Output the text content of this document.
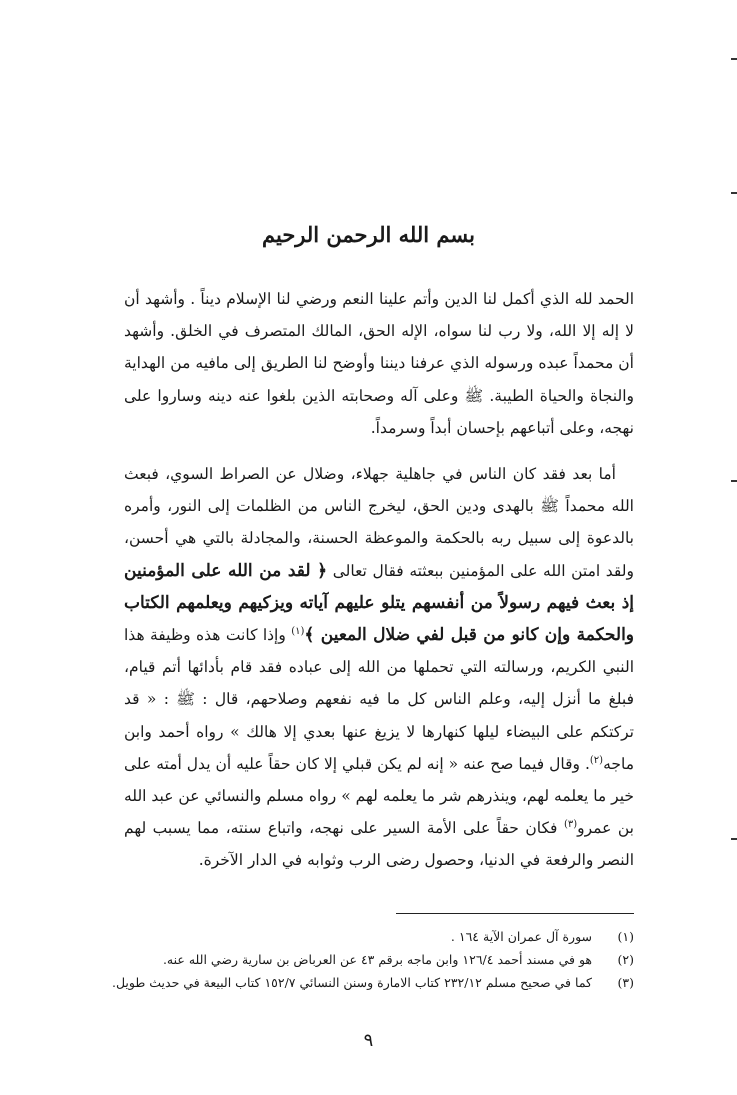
بسم الله الرحمن الرحيم
الحمد لله الذي أكمل لنا الدين وأتم علينا النعم ورضي لنا الإسلام ديناً . وأشهد أن لا إله إلا الله، ولا رب لنا سواه، الإله الحق، المالك المتصرف في الخلق. وأشهد أن محمداً عبده ورسوله الذي عرفنا ديننا وأوضح لنا الطريق إلى مافيه من الهداية والنجاة والحياة الطيبة. ﷺ وعلى آله وصحابته الذين بلغوا عنه دينه وساروا على نهجه، وعلى أتباعهم بإحسان أبداً وسرمداً.
أما بعد فقد كان الناس في جاهلية جهلاء، وضلال عن الصراط السوي، فبعث الله محمداً ﷺ بالهدى ودين الحق، ليخرج الناس من الظلمات إلى النور، وأمره بالدعوة إلى سبيل ربه بالحكمة والموعظة الحسنة، والمجادلة بالتي هي أحسن، ولقد امتن الله على المؤمنين ببعثته فقال تعالى ﴿ لقد من الله على المؤمنين إذ بعث فيهم رسولاً من أنفسهم يتلو عليهم آياته ويزكيهم ويعلمهم الكتاب والحكمة وإن كانو من قبل لفي ضلال المعين ﴾$^{(١)}$ وإذا كانت هذه وظيفة هذا النبي الكريم، ورسالته التي تحملها من الله إلى عباده فقد قام بأدائها أتم قيام، فبلغ ما أنزل إليه، وعلم الناس كل ما فيه نفعهم وصلاحهم، قال : ﷺ : « قد تركتكم على البيضاء ليلها كنهارها لا يزيغ عنها بعدي إلا هالك » رواه أحمد وابن ماجه$^{(٢)}$. وقال فيما صح عنه « إنه لم يكن قبلي إلا كان حقاً عليه أن يدل أمته على خير ما يعلمه لهم، وينذرهم شر ما يعلمه لهم » رواه مسلم والنسائي عن عبد الله بن عمرو$^{(٣)}$ فكان حقاً على الأمة السير على نهجه، واتباع سنته، مما يسبب لهم النصر والرفعة في الدنيا، وحصول رضى الرب وثوابه في الدار الآخرة.
(١)
سورة آل عمران الآية ١٦٤ .
(٢)
هو في مسند أحمد ١٢٦/٤ وابن ماجه برقم ٤٣ عن العرباض بن سارية رضي الله عنه.
(٣)
كما في صحيح مسلم ٢٣٢/١٢ كتاب الامارة وسنن النسائي ١٥٢/٧ كتاب البيعة في حديث طويل.
٩
